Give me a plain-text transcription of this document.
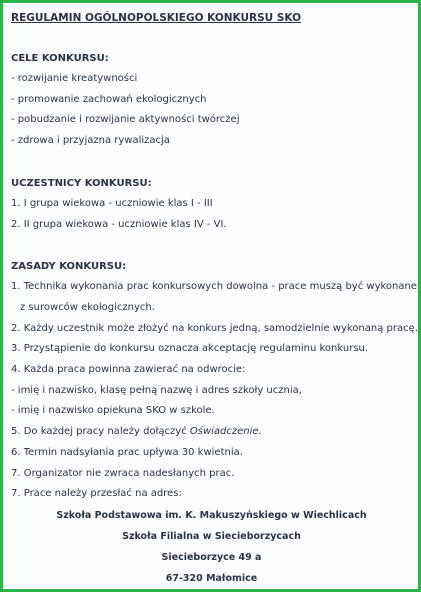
REGULAMIN OGÓLNOPOLSKIEGO KONKURSU SKO

CELE KONKURSU:

- rozwijanie kreatywności

- promowanie zachowań ekologicznych

- pobudzanie i rozwijanie aktywności twórczej

- zdrowa i przyjazna rywalizacja

UCZESTNICY KONKURSU:

1. I grupa wiekowa - uczniowie klas I - III

2. II grupa wiekowa - uczniowie klas IV - VI.

ZASADY KONKURSU:

1. Technika wykonania prac konkursowych dowolna - prace muszą być wykonane

z surowców ekologicznych.

2. Każdy uczestnik może złożyć na konkurs jedną, samodzielnie wykonaną pracę.

3. Przystąpienie do konkursu oznacza akceptację regulaminu konkursu.

4. Każda praca powinna zawierać na odwrocie:

- imię i nazwisko, klasę pełną nazwę i adres szkoły ucznia,

- imię i nazwisko opiekuna SKO w szkole.

5. Do każdej pracy należy dołączyć Oświadczenie.

6. Termin nadsyłania prac upływa 30 kwietnia.

7. Organizator nie zwraca nadesłanych prac.

7. Prace należy przesłać na adres:

Szkoła Podstawowa im. K. Makuszyńskiego w Wiechlicach

Szkoła Filialna w Siecieborzycach

Siecieborzyce 49 a

67-320 Małomice
